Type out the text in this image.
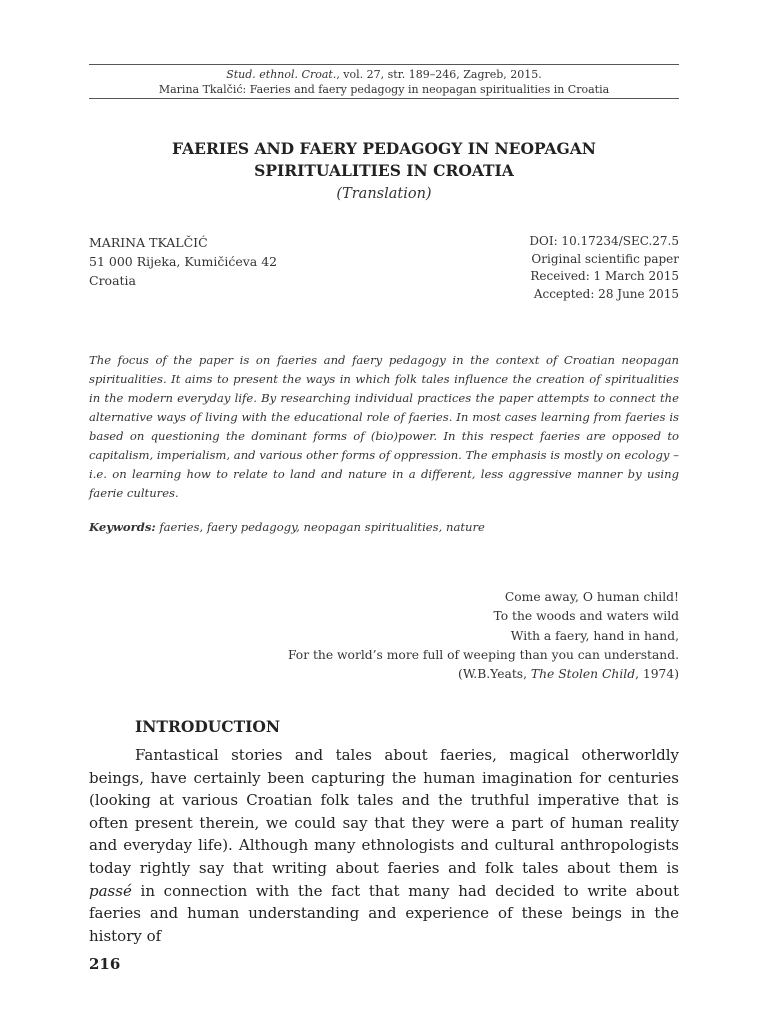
Stud. ethnol. Croat., vol. 27, str. 189–246, Zagreb, 2015.
Marina Tkalčić: Faeries and faery pedagogy in neopagan spiritualities in Croatia
FAERIES AND FAERY PEDAGOGY IN NEOPAGAN
SPIRITUALITIES IN CROATIA
(Translation)
MARINA TKALČIĆ
51 000 Rijeka, Kumičićeva 42
Croatia
DOI: 10.17234/SEC.27.5
Original scientific paper
Received: 1 March 2015
Accepted: 28 June 2015
The focus of the paper is on faeries and faery pedagogy in the context of Croatian neopagan spiritualities. It aims to present the ways in which folk tales influence the creation of spiritualities in the modern everyday life. By researching individual practices the paper attempts to connect the alternative ways of living with the educational role of faeries. In most cases learning from faeries is based on questioning the dominant forms of (bio)power. In this respect faeries are opposed to capitalism, imperialism, and various other forms of oppression. The emphasis is mostly on ecology – i.e. on learning how to relate to land and nature in a different, less aggressive manner by using faerie cultures.
Keywords: faeries, faery pedagogy, neopagan spiritualities, nature
Come away, O human child!
To the woods and waters wild
With a faery, hand in hand,
For the world’s more full of weeping than you can understand.
(W.B.Yeats, The Stolen Child, 1974)
INTRODUCTION

Fantastical stories and tales about faeries, magical otherworldly beings, have certainly been capturing the human imagination for centuries (looking at various Croatian folk tales and the truthful imperative that is often present therein, we could say that they were a part of human reality and everyday life). Although many ethnologists and cultural anthropologists today rightly say that writing about faeries and folk tales about them is passé in connection with the fact that many had decided to write about faeries and human understanding and experience of these beings in the history of

216
